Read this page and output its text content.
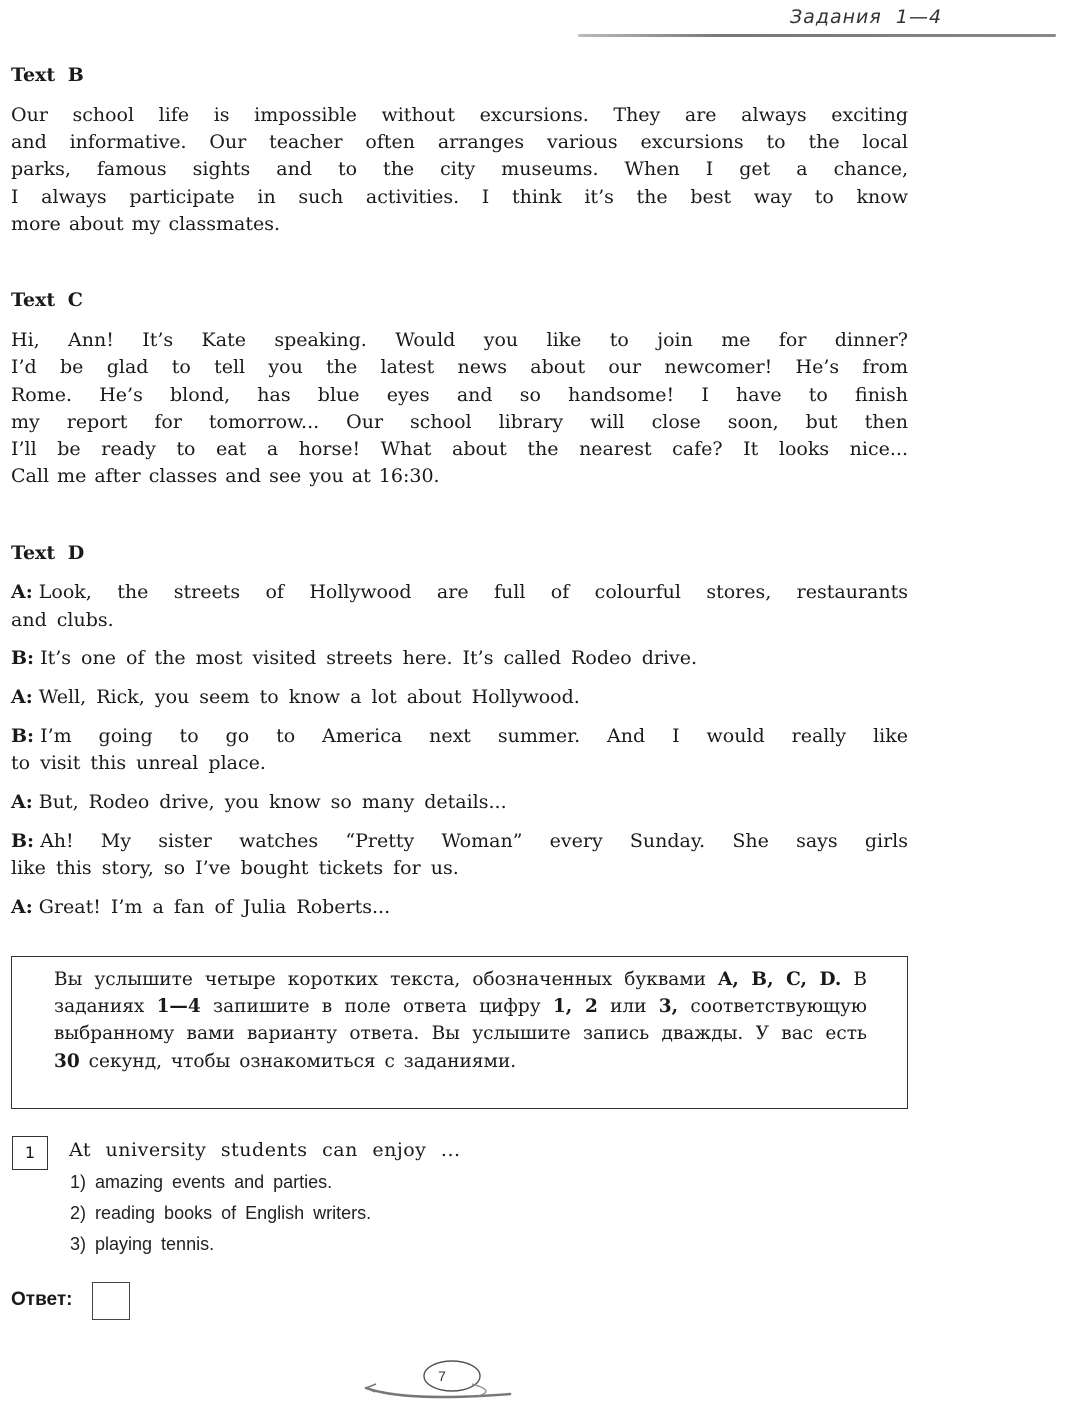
Задания  1—4
Text B

Our school life is impossible without excursions. They are always exciting

and informative. Our teacher often arranges various excursions to the local

parks, famous sights and to the city museums. When I get a chance,

I always participate in such activities. I think it’s the best way to know

more about my classmates.

Text C

Hi, Ann! It’s Kate speaking. Would you like to join me for dinner?

I’d be glad to tell you the latest news about our newcomer! He’s from

Rome. He’s blond, has blue eyes and so handsome! I have to finish

my report for tomorrow... Our school library will close soon, but then

I’ll be ready to eat a horse! What about the nearest cafe? It looks nice...

Call me after classes and see you at 16:30.

Text D

A: Look, the streets of Hollywood are full of colourful stores, restaurants

and clubs.

B: It’s one of the most visited streets here. It’s called Rodeo drive.

A: Well, Rick, you seem to know a lot about Hollywood.

B: I’m going to go to America next summer. And I would really like

to visit this unreal place.

A: But, Rodeo drive, you know so many details...

B: Ah! My sister watches “Pretty Woman” every Sunday. She says girls

like this story, so I’ve bought tickets for us.

A: Great! I’m a fan of Julia Roberts...

Вы услышите четыре коротких текста, обозначенных буквами A, B, C, D. В заданиях 1—4 запишите в поле ответа цифру 1, 2 или 3, соответствующую выбранному вами варианту ответа. Вы услышите запись дважды. У вас есть 30 секунд, чтобы ознакомиться с заданиями.

1	At university students can enjoy ...

1) amazing events and parties.

2) reading books of English writers.

3) playing tennis.

Ответ:
7
